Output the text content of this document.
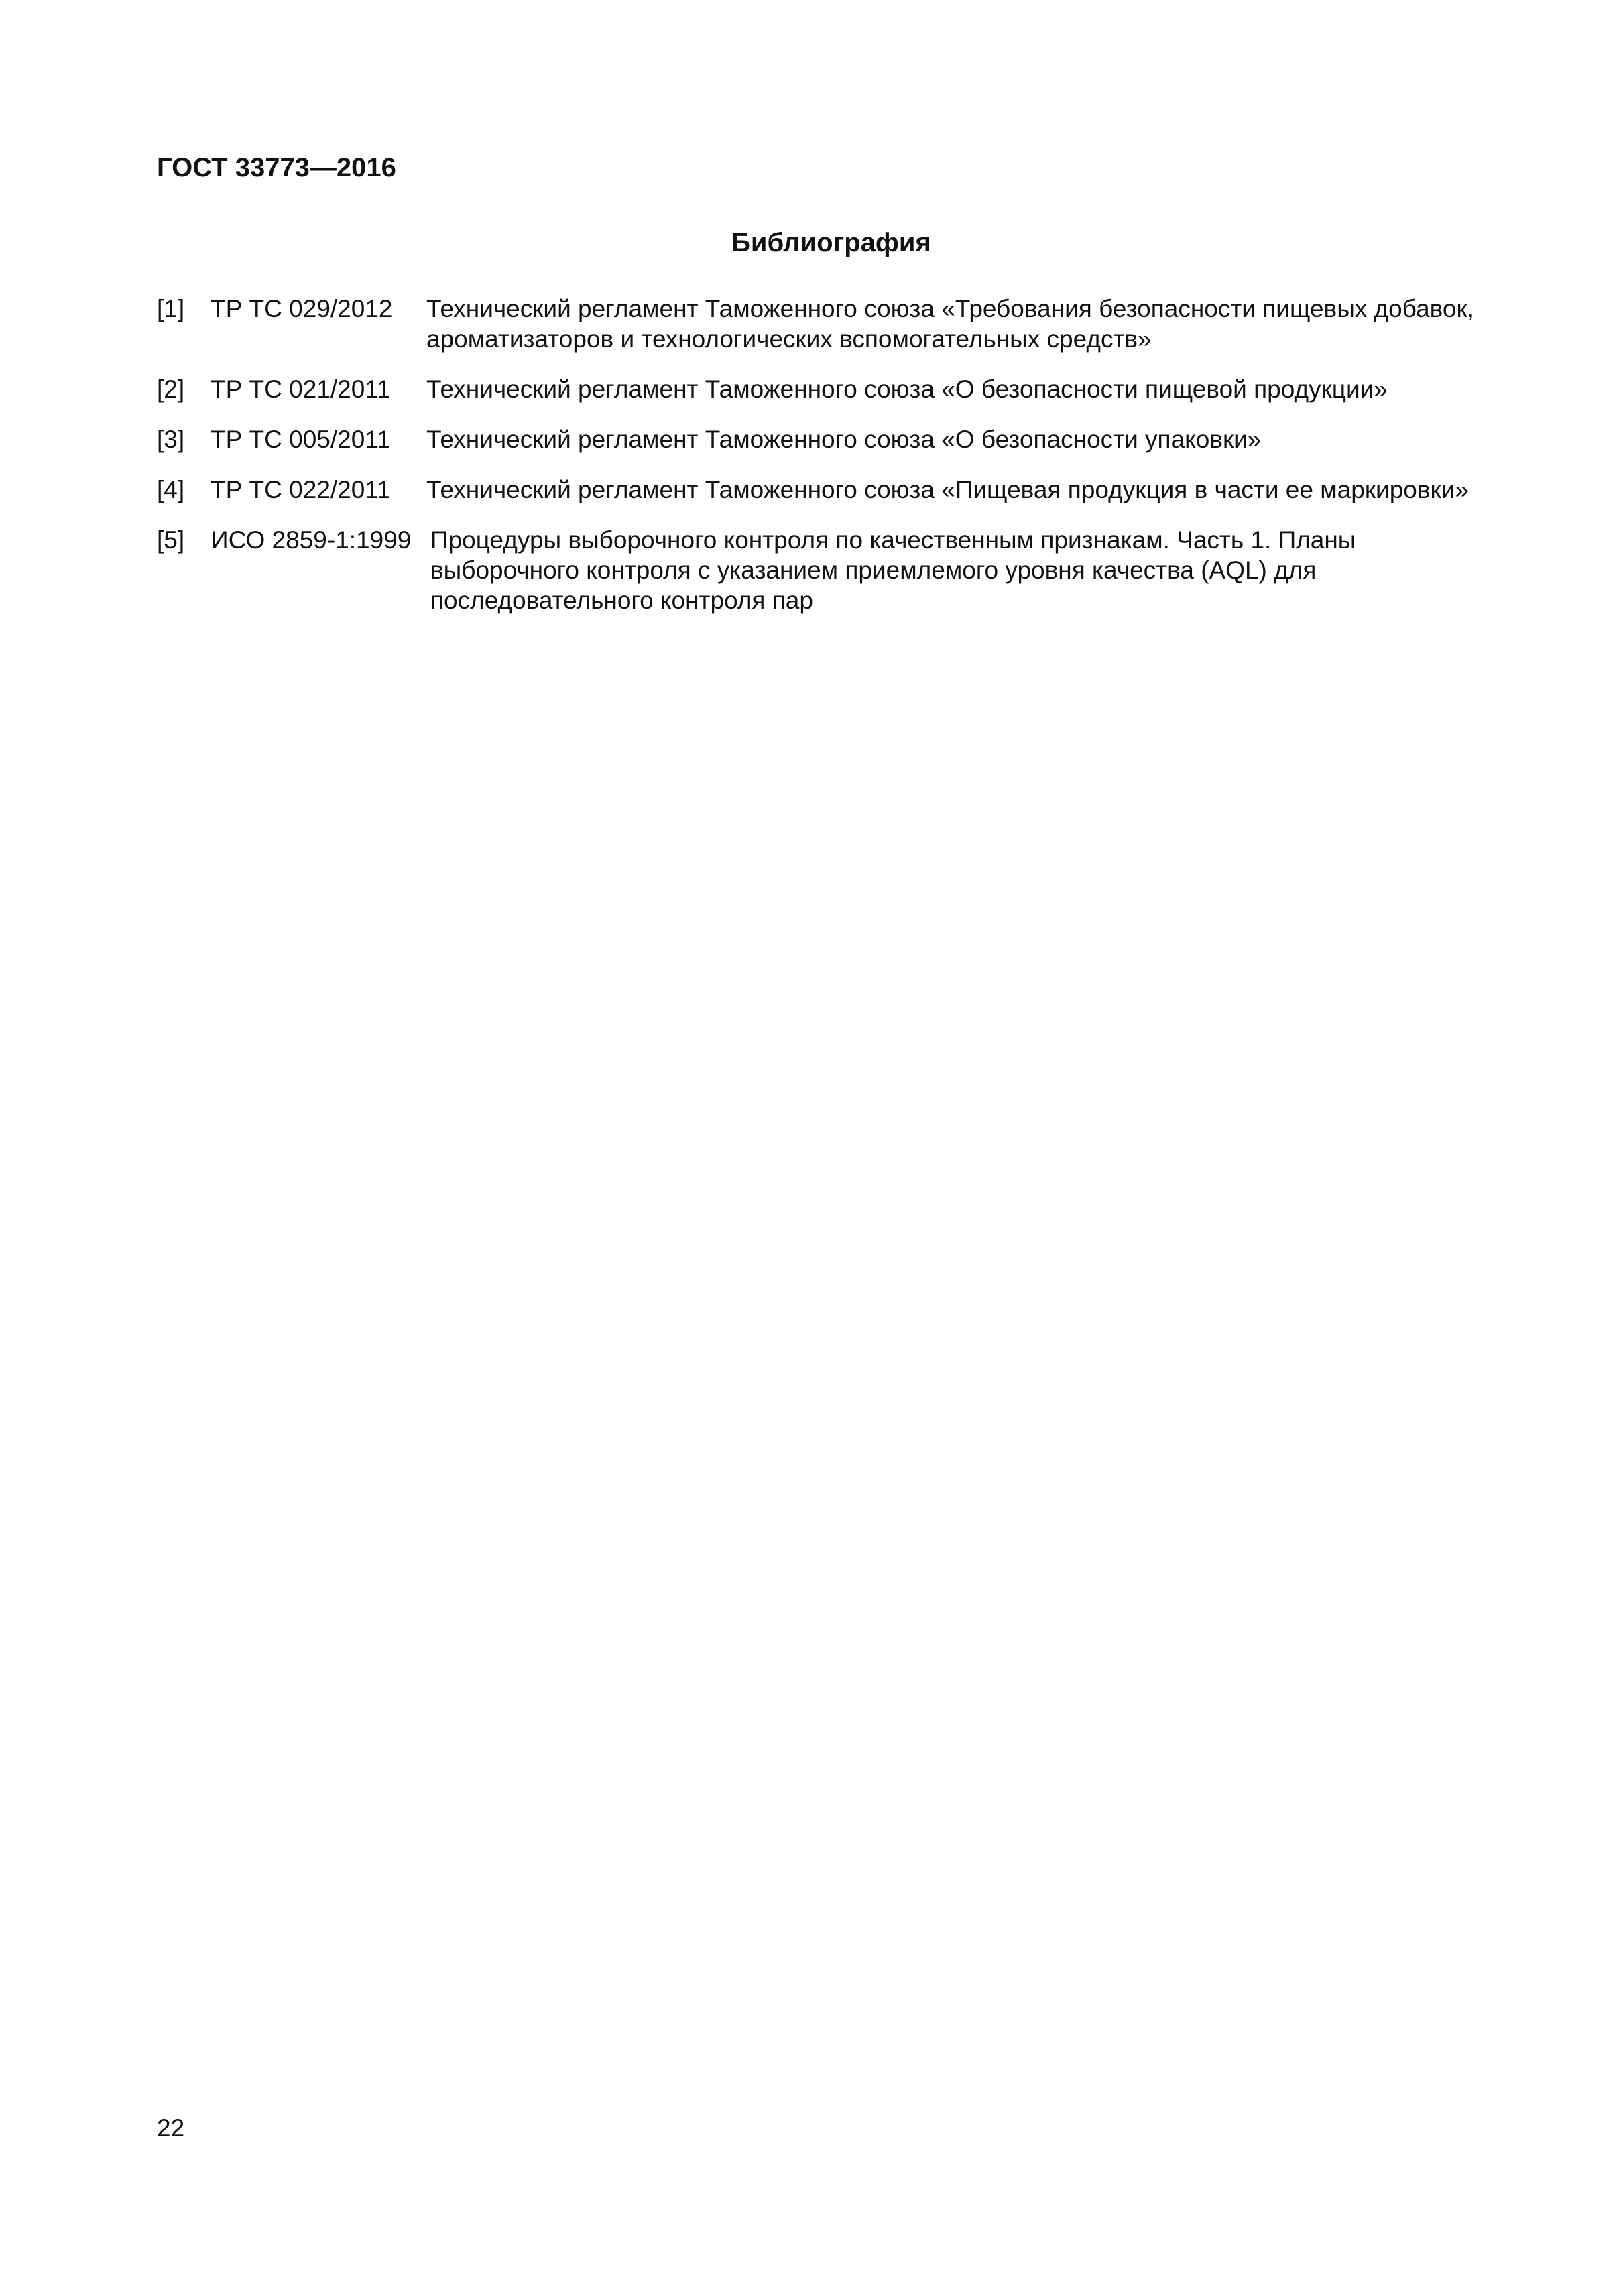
ГОСТ 33773—2016
Библиография
[1] ТР ТС 029/2012 Технический регламент Таможенного союза «Требования безопасности пищевых добавок, ароматизаторов и технологических вспомогательных средств»
[2] ТР ТС 021/2011 Технический регламент Таможенного союза «О безопасности пищевой продукции»
[3] ТР ТС 005/2011 Технический регламент Таможенного союза «О безопасности упаковки»
[4] ТР ТС 022/2011 Технический регламент Таможенного союза «Пищевая продукция в части ее маркировки»
[5] ИСО 2859-1:1999 Процедуры выборочного контроля по качественным признакам. Часть 1. Планы выборочного контроля с указанием приемлемого уровня качества (AQL) для последовательного контроля пар
22
